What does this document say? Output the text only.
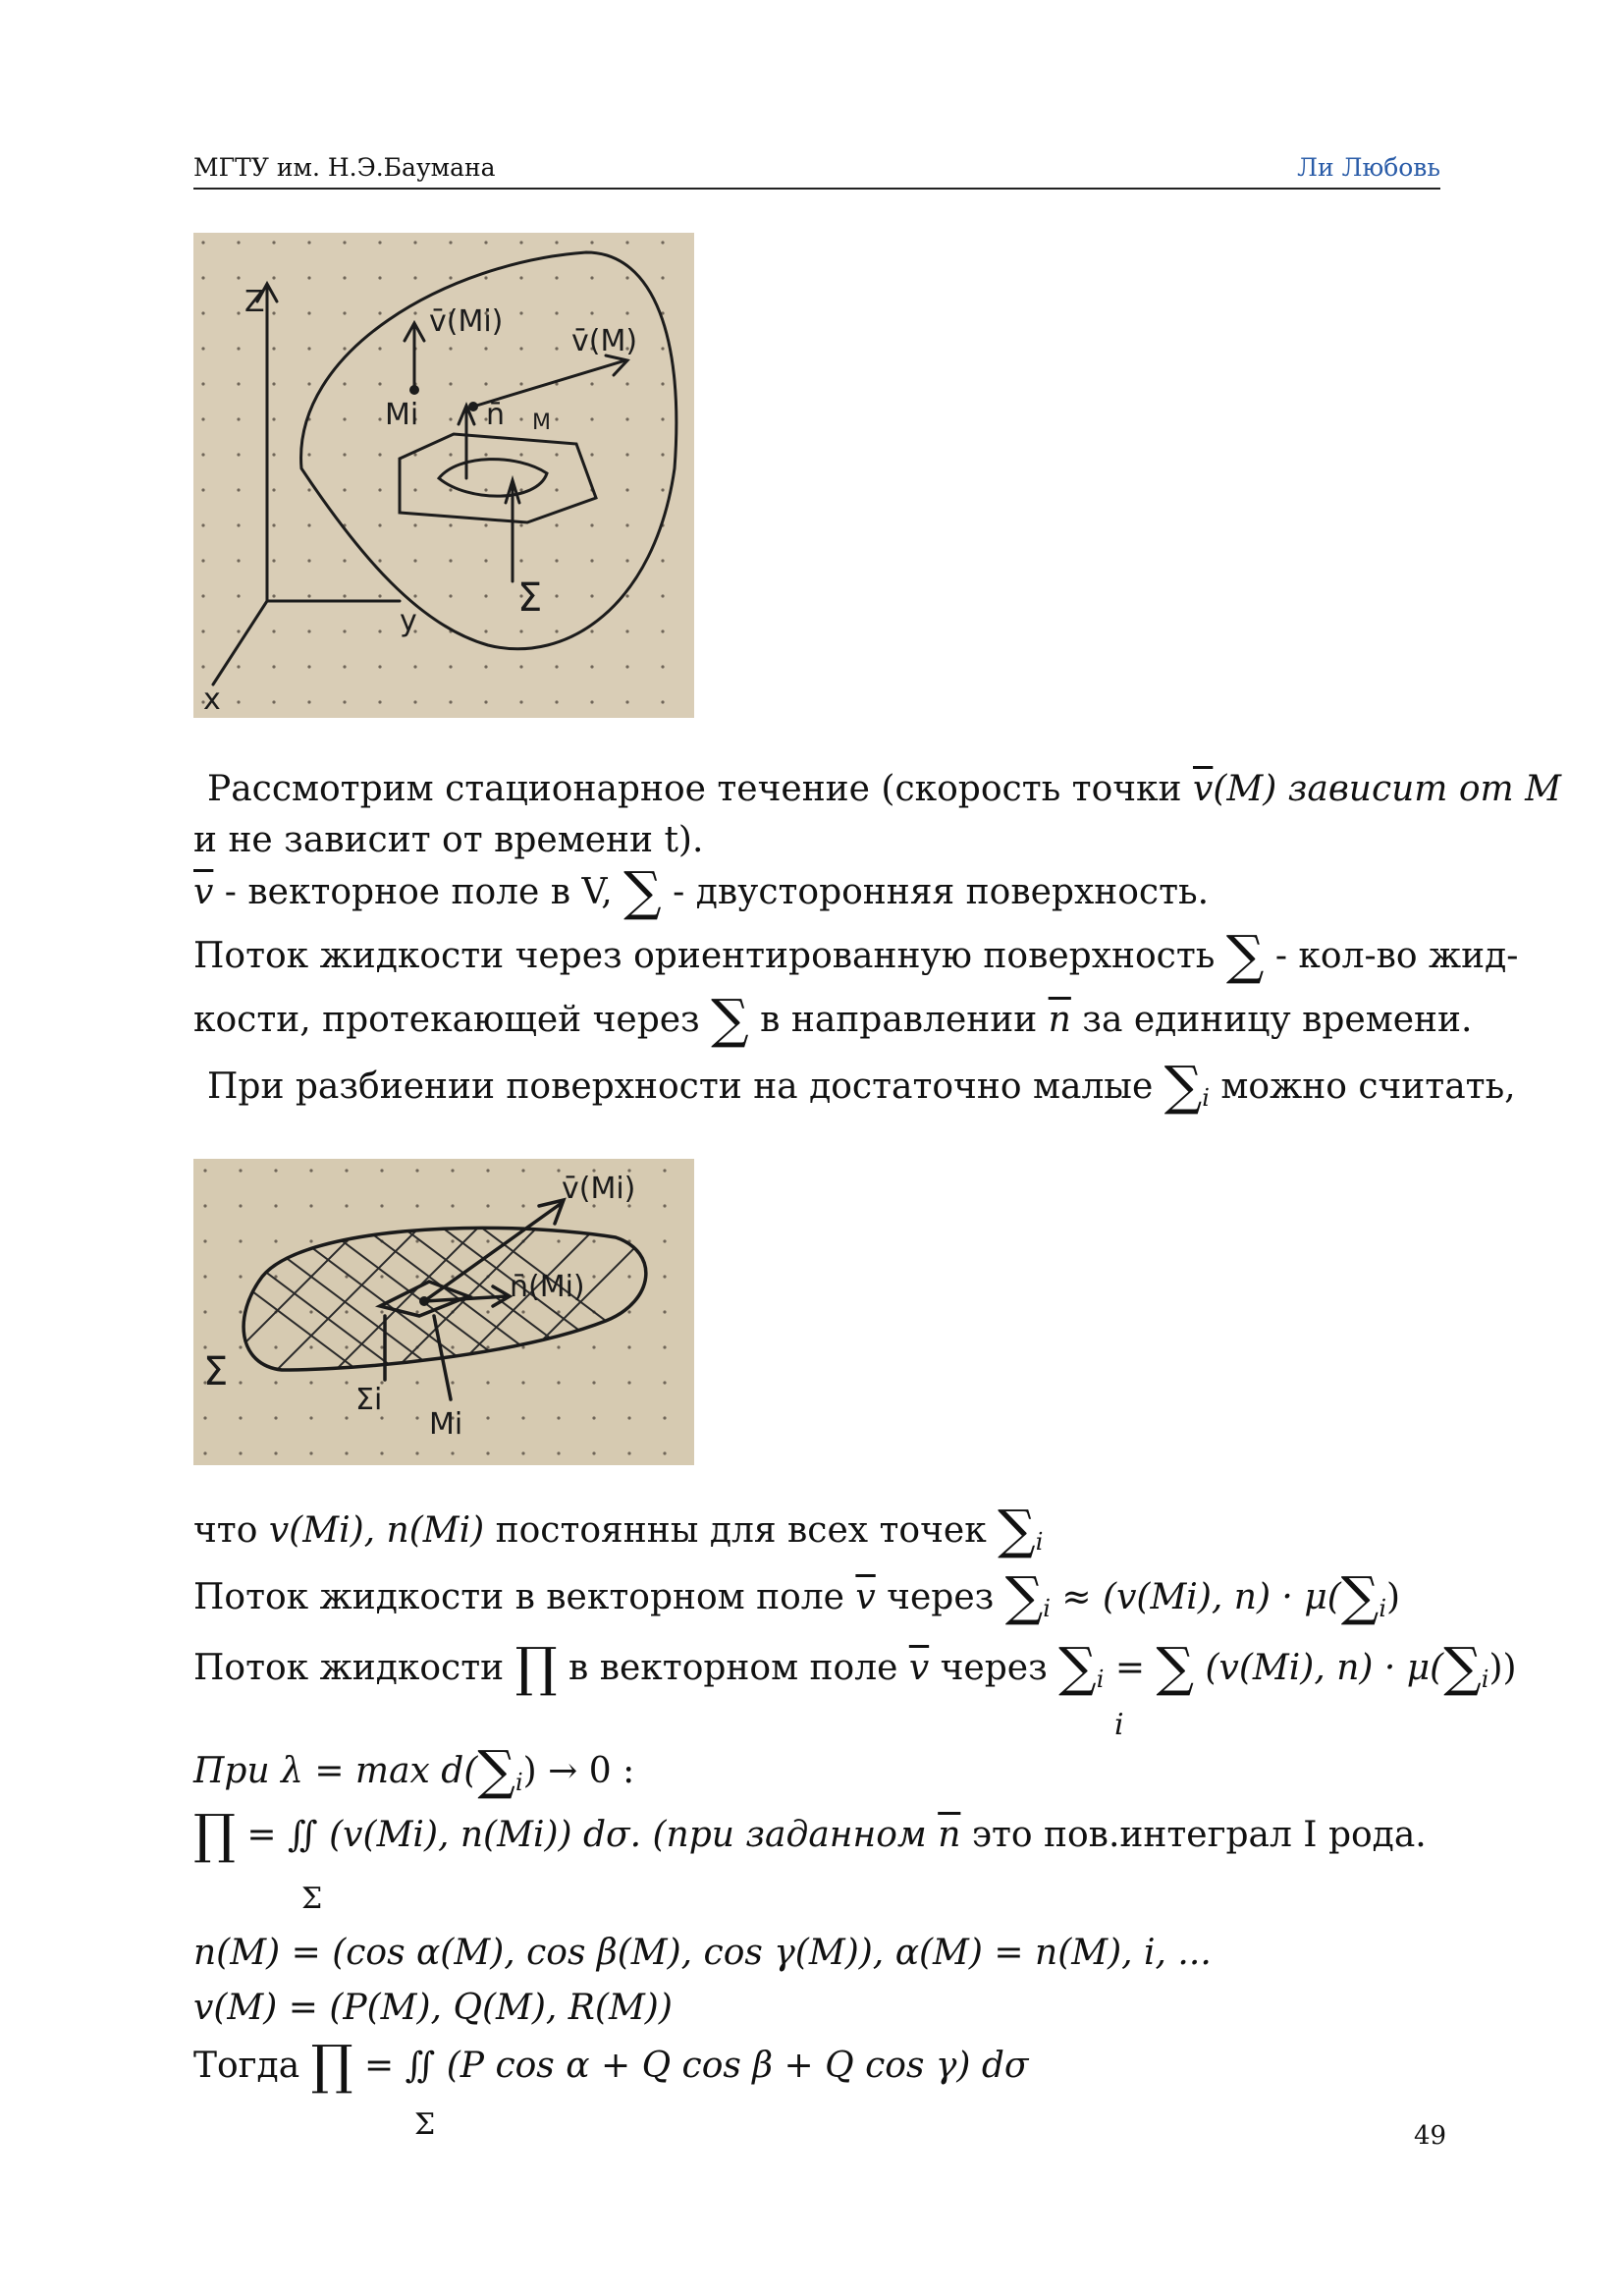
МГТУ им. Н.Э.Баумана	Ли Любовь
Z
x
y
v̄(Mi)
v̄(M)
Mi n̄ M
Σ
Рассмотрим стационарное течение (скорость точки $\overline{v}(M)$ зависит от M
и не зависит от времени t).
$\overline{v}$ - векторное поле в V, ∑ - двусторонняя поверхность.
Поток жидкости через ориентированную поверхность ∑ - кол-во жид-
кости, протекающей через ∑ в направлении $\overline{n}$ за единицу времени.
При разбиении поверхности на достаточно малые $\sum_i$ можно считать,
v̄(Mi)
n̄(Mi)
Σ
Σi
Mi
что v(Mi), n(Mi) постоянны для всех точек $\sum_i$
Поток жидкости в векторном поле $\overline{v}$ через $\sum_i \approx (v(Mi)$, $n) \cdot \mu(\sum_i)$
Поток жидкости ∏ в векторном поле $\overline{v}$ через $\sum_i$ = ∑ (v(Mi), $n) \cdot \mu(\sum_i)$)
i
При $\lambda = \max d(\sum_i) \to 0$ :
∏ = ∬ (v(Mi), n(Mi)) dσ. (при заданном $\overline{n}$ это пов.интеграл I рода.
Σ
n(M) = (cos α(M), cos β(M), cos γ(M)), α(M) = n(M), i, ...
v(M) = (P(M), Q(M), R(M))
Тогда ∏ = ∬ (P cos α + Q cos β + Q cos γ) dσ
Σ	49
